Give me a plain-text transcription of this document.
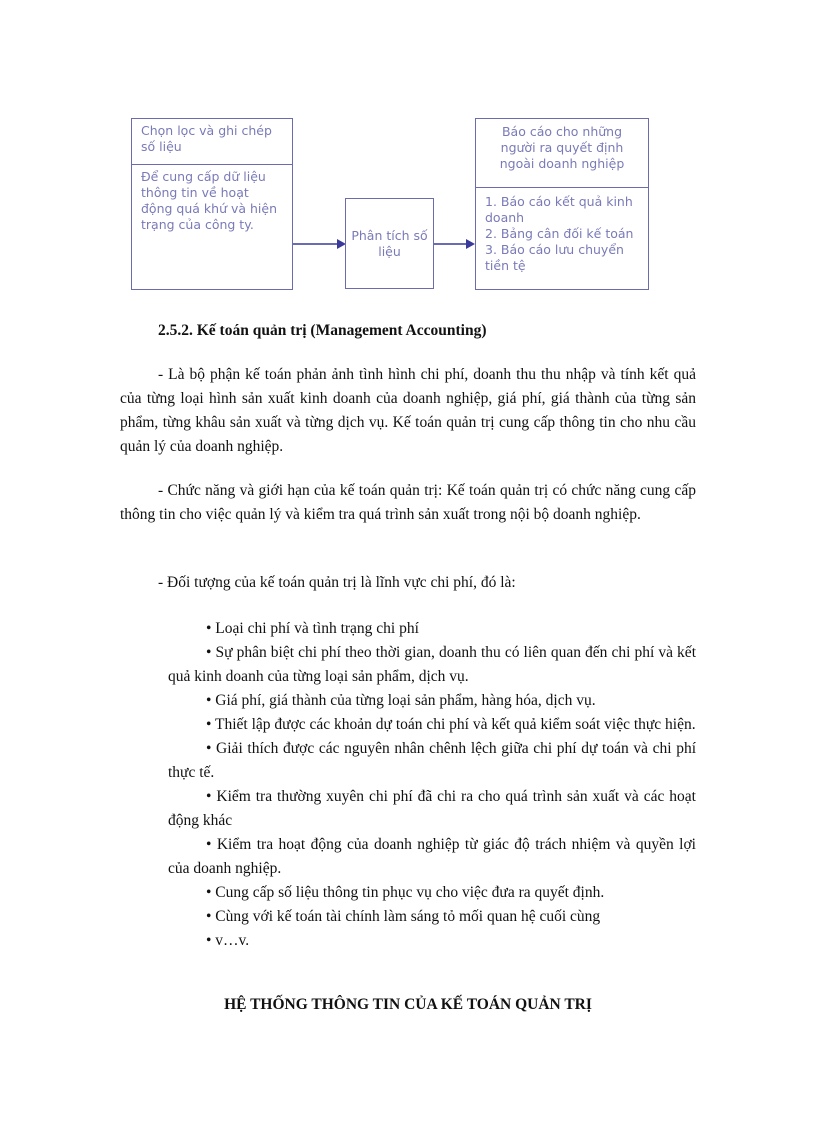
Chọn lọc và ghi chép số liệu
Để cung cấp dữ liệu thông tin về hoạt động quá khứ và hiện trạng của công ty.
Phân tích số liệu
Báo cáo cho những người ra quyết định ngoài doanh nghiệp
1. Báo cáo kết quả kinh doanh
2. Bảng cân đối kế toán
3. Báo cáo lưu chuyển tiền tệ
2.5.2. Kế toán quản trị (Management Accounting)
- Là bộ phận kế toán phản ảnh tình hình chi phí, doanh thu thu nhập và tính kết quả của từng loại hình sản xuất kinh doanh của doanh nghiệp, giá phí, giá thành của từng sản phẩm, từng khâu sản xuất và từng dịch vụ. Kế toán quản trị cung cấp thông tin cho nhu cầu quản lý của doanh nghiệp.
- Chức năng và giới hạn của kế toán quản trị: Kế toán quản trị có chức năng cung cấp thông tin cho việc quản lý và kiểm tra quá trình sản xuất trong nội bộ doanh nghiệp.
- Đối tượng của kế toán quản trị là lĩnh vực chi phí, đó là:
• Loại chi phí và tình trạng chi phí
• Sự phân biệt chi phí theo thời gian, doanh thu có liên quan đến chi phí và kết quả kinh doanh của từng loại sản phẩm, dịch vụ.
• Giá phí, giá thành của từng loại sản phẩm, hàng hóa, dịch vụ.
• Thiết lập được các khoản dự toán chi phí và kết quả kiểm soát việc thực hiện.
• Giải thích được các nguyên nhân chênh lệch giữa chi phí dự toán và chi phí thực tế.
• Kiểm tra thường xuyên chi phí đã chi ra cho quá trình sản xuất và các hoạt động khác
• Kiểm tra hoạt động của doanh nghiệp từ giác độ trách nhiệm và quyền lợi của doanh nghiệp.
• Cung cấp số liệu thông tin phục vụ cho việc đưa ra quyết định.
• Cùng với kế toán tài chính làm sáng tỏ mối quan hệ cuối cùng
• v…v.
HỆ THỐNG THÔNG TIN CỦA KẾ TOÁN QUẢN TRỊ
